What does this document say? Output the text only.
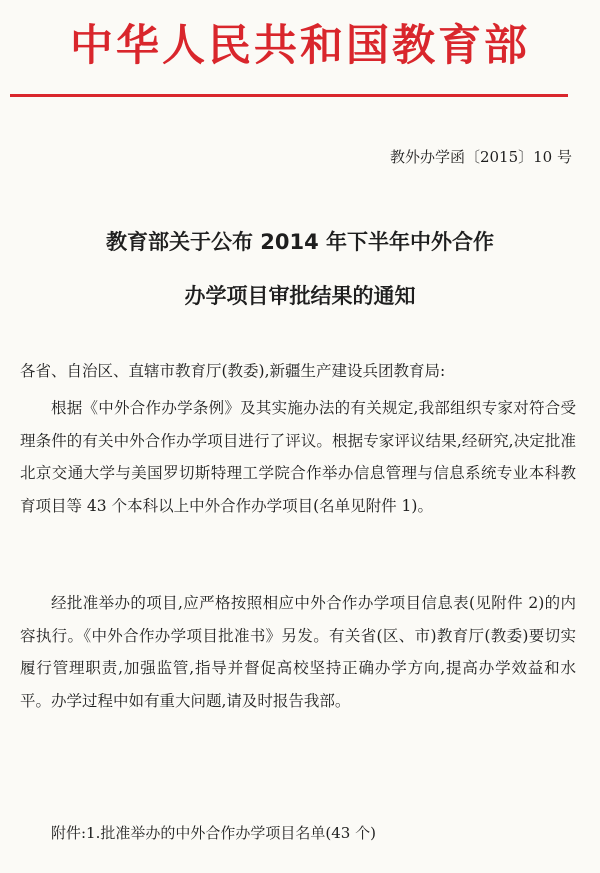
中华人民共和国教育部
教外办学函〔2015〕10 号
教育部关于公布 2014 年下半年中外合作
办学项目审批结果的通知
各省、自治区、直辖市教育厅(教委),新疆生产建设兵团教育局:
根据《中外合作办学条例》及其实施办法的有关规定,我部组织专家对符合受理条件的有关中外合作办学项目进行了评议。根据专家评议结果,经研究,决定批准北京交通大学与美国罗切斯特理工学院合作举办信息管理与信息系统专业本科教育项目等 43 个本科以上中外合作办学项目(名单见附件 1)。
经批准举办的项目,应严格按照相应中外合作办学项目信息表(见附件 2)的内容执行。《中外合作办学项目批准书》另发。有关省(区、市)教育厅(教委)要切实履行管理职责,加强监管,指导并督促高校坚持正确办学方向,提高办学效益和水平。办学过程中如有重大问题,请及时报告我部。
附件:1.批准举办的中外合作办学项目名单(43 个)
